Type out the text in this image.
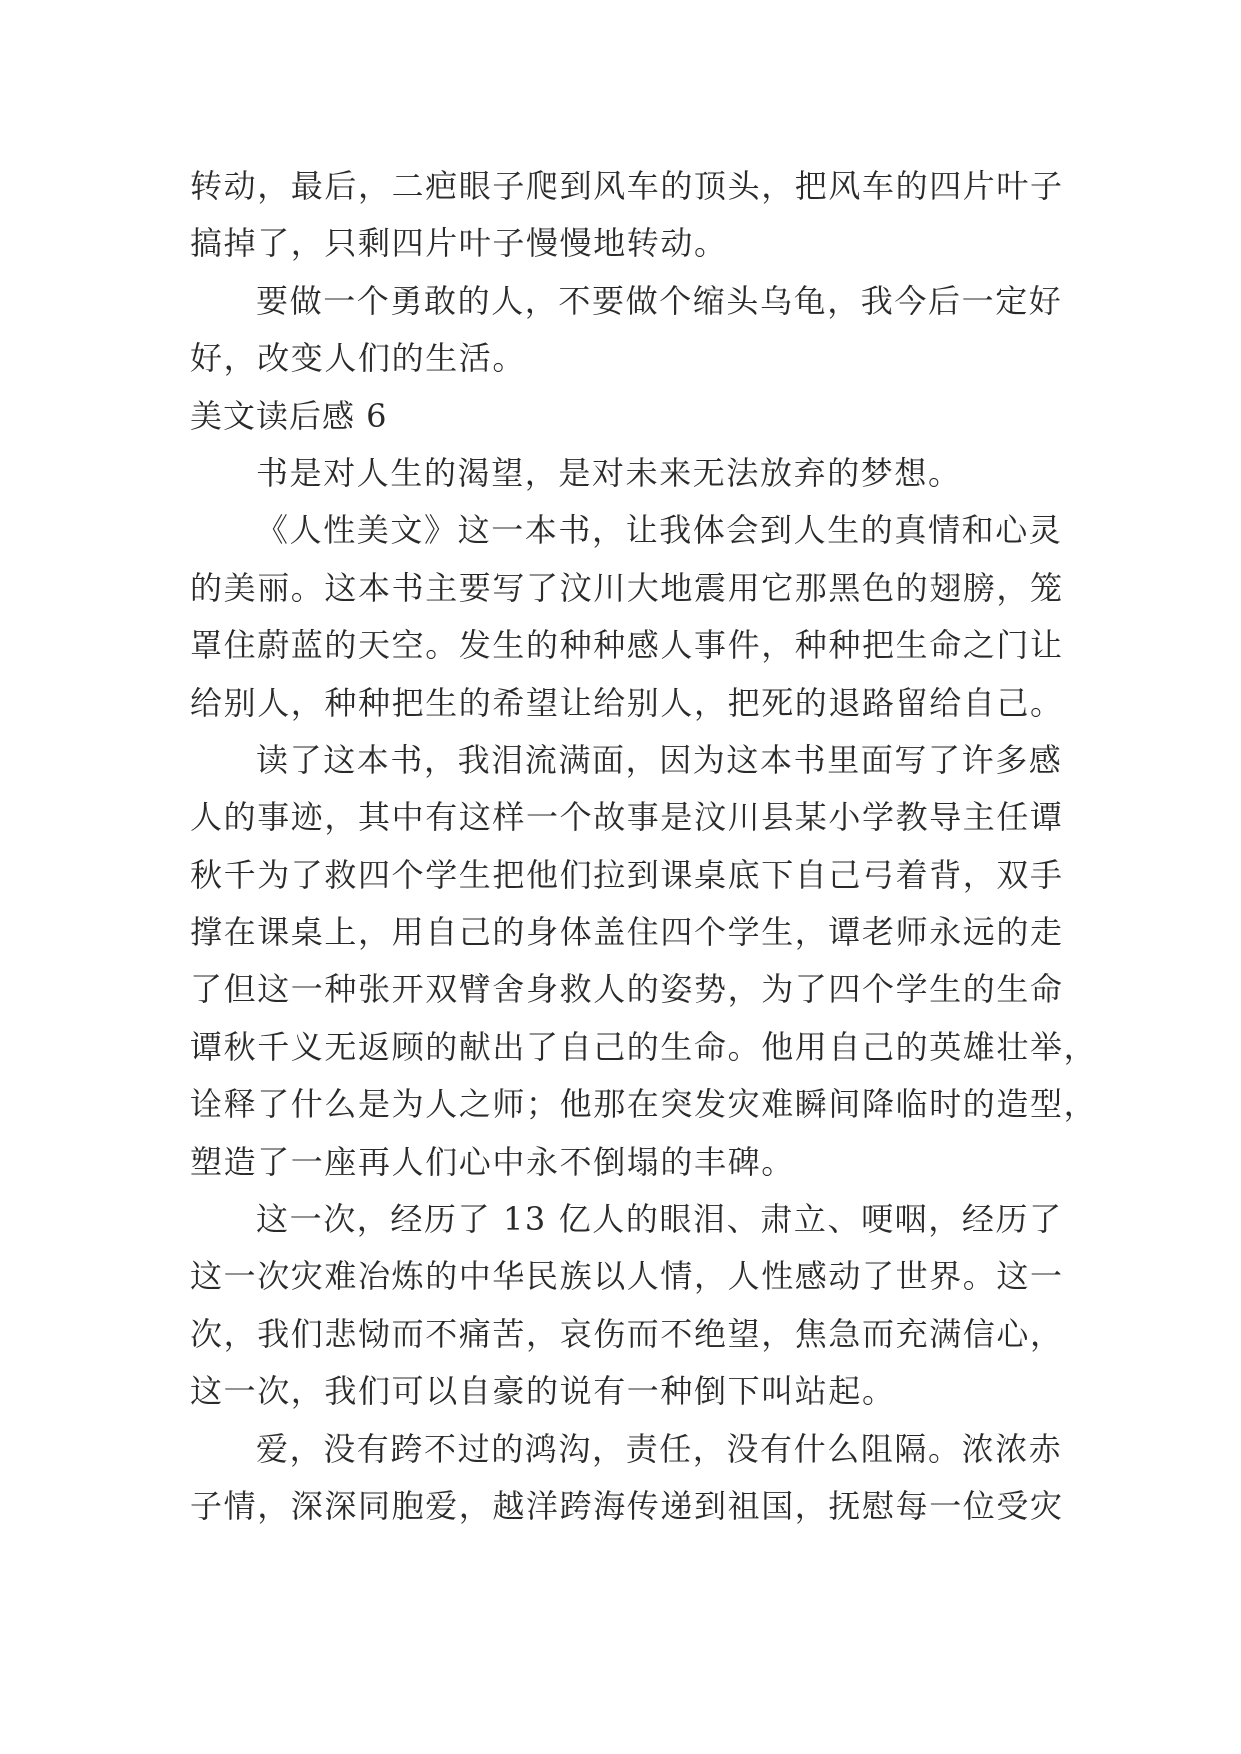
转动，最后，二疤眼子爬到风车的顶头，把风车的四片叶子
搞掉了，只剩四片叶子慢慢地转动。
要做一个勇敢的人，不要做个缩头乌龟，我今后一定好
好，改变人们的生活。
美文读后感 6
书是对人生的渴望，是对未来无法放弃的梦想。
《人性美文》这一本书，让我体会到人生的真情和心灵
的美丽。这本书主要写了汶川大地震用它那黑色的翅膀，笼
罩住蔚蓝的天空。发生的种种感人事件，种种把生命之门让
给别人，种种把生的希望让给别人，把死的退路留给自己。
读了这本书，我泪流满面，因为这本书里面写了许多感
人的事迹，其中有这样一个故事是汶川县某小学教导主任谭
秋千为了救四个学生把他们拉到课桌底下自己弓着背，双手
撑在课桌上，用自己的身体盖住四个学生，谭老师永远的走
了但这一种张开双臂舍身救人的姿势，为了四个学生的生命
谭秋千义无返顾的献出了自己的生命。他用自己的英雄壮举，
诠释了什么是为人之师；他那在突发灾难瞬间降临时的造型，
塑造了一座再人们心中永不倒塌的丰碑。
这一次，经历了 13 亿人的眼泪、肃立、哽咽，经历了
这一次灾难冶炼的中华民族以人情，人性感动了世界。这一
次，我们悲恸而不痛苦，哀伤而不绝望，焦急而充满信心，
这一次，我们可以自豪的说有一种倒下叫站起。
爱，没有跨不过的鸿沟，责任，没有什么阻隔。浓浓赤
子情，深深同胞爱，越洋跨海传递到祖国，抚慰每一位受灾
